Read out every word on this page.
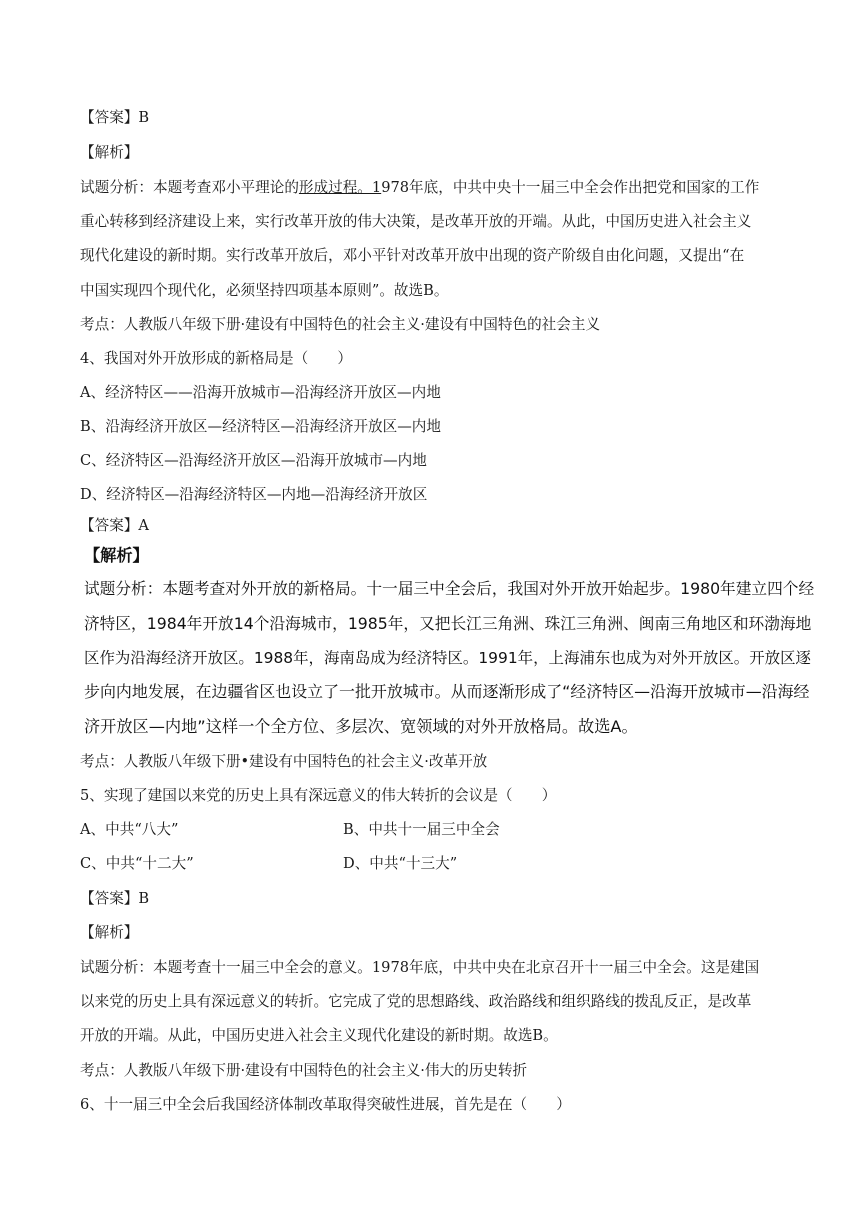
【答案】B
【解析】
试题分析：本题考查邓小平理论的形成过程。1978年底，中共中央十一届三中全会作出把党和国家的工作
重心转移到经济建设上来，实行改革开放的伟大决策，是改革开放的开端。从此，中国历史进入社会主义
现代化建设的新时期。实行改革开放后，邓小平针对改革开放中出现的资产阶级自由化问题，又提出“在
中国实现四个现代化，必须坚持四项基本原则”。故选B。
考点：人教版八年级下册·建设有中国特色的社会主义·建设有中国特色的社会主义
4、我国对外开放形成的新格局是（　　）
A、经济特区——沿海开放城市—沿海经济开放区—内地
B、沿海经济开放区—经济特区—沿海经济开放区—内地
C、经济特区—沿海经济开放区—沿海开放城市—内地
D、经济特区—沿海经济特区—内地—沿海经济开放区
【答案】A
【解析】
试题分析：本题考查对外开放的新格局。十一届三中全会后，我国对外开放开始起步。1980年建立四个经
济特区，1984年开放14个沿海城市，1985年，又把长江三角洲、珠江三角洲、闽南三角地区和环渤海地
区作为沿海经济开放区。1988年，海南岛成为经济特区。1991年，上海浦东也成为对外开放区。开放区逐
步向内地发展，在边疆省区也设立了一批开放城市。从而逐渐形成了“经济特区—沿海开放城市—沿海经
济开放区—内地”这样一个全方位、多层次、宽领域的对外开放格局。故选A。
考点：人教版八年级下册•建设有中国特色的社会主义·改革开放
5、实现了建国以来党的历史上具有深远意义的伟大转折的会议是（　　）
A、中共“八大”	B、中共十一届三中全会
C、中共“十二大”	D、中共“十三大”
【答案】B
【解析】
试题分析：本题考查十一届三中全会的意义。1978年底，中共中央在北京召开十一届三中全会。这是建国
以来党的历史上具有深远意义的转折。它完成了党的思想路线、政治路线和组织路线的拨乱反正，是改革
开放的开端。从此，中国历史进入社会主义现代化建设的新时期。故选B。
考点：人教版八年级下册·建设有中国特色的社会主义·伟大的历史转折
6、十一届三中全会后我国经济体制改革取得突破性进展，首先是在（　　）
